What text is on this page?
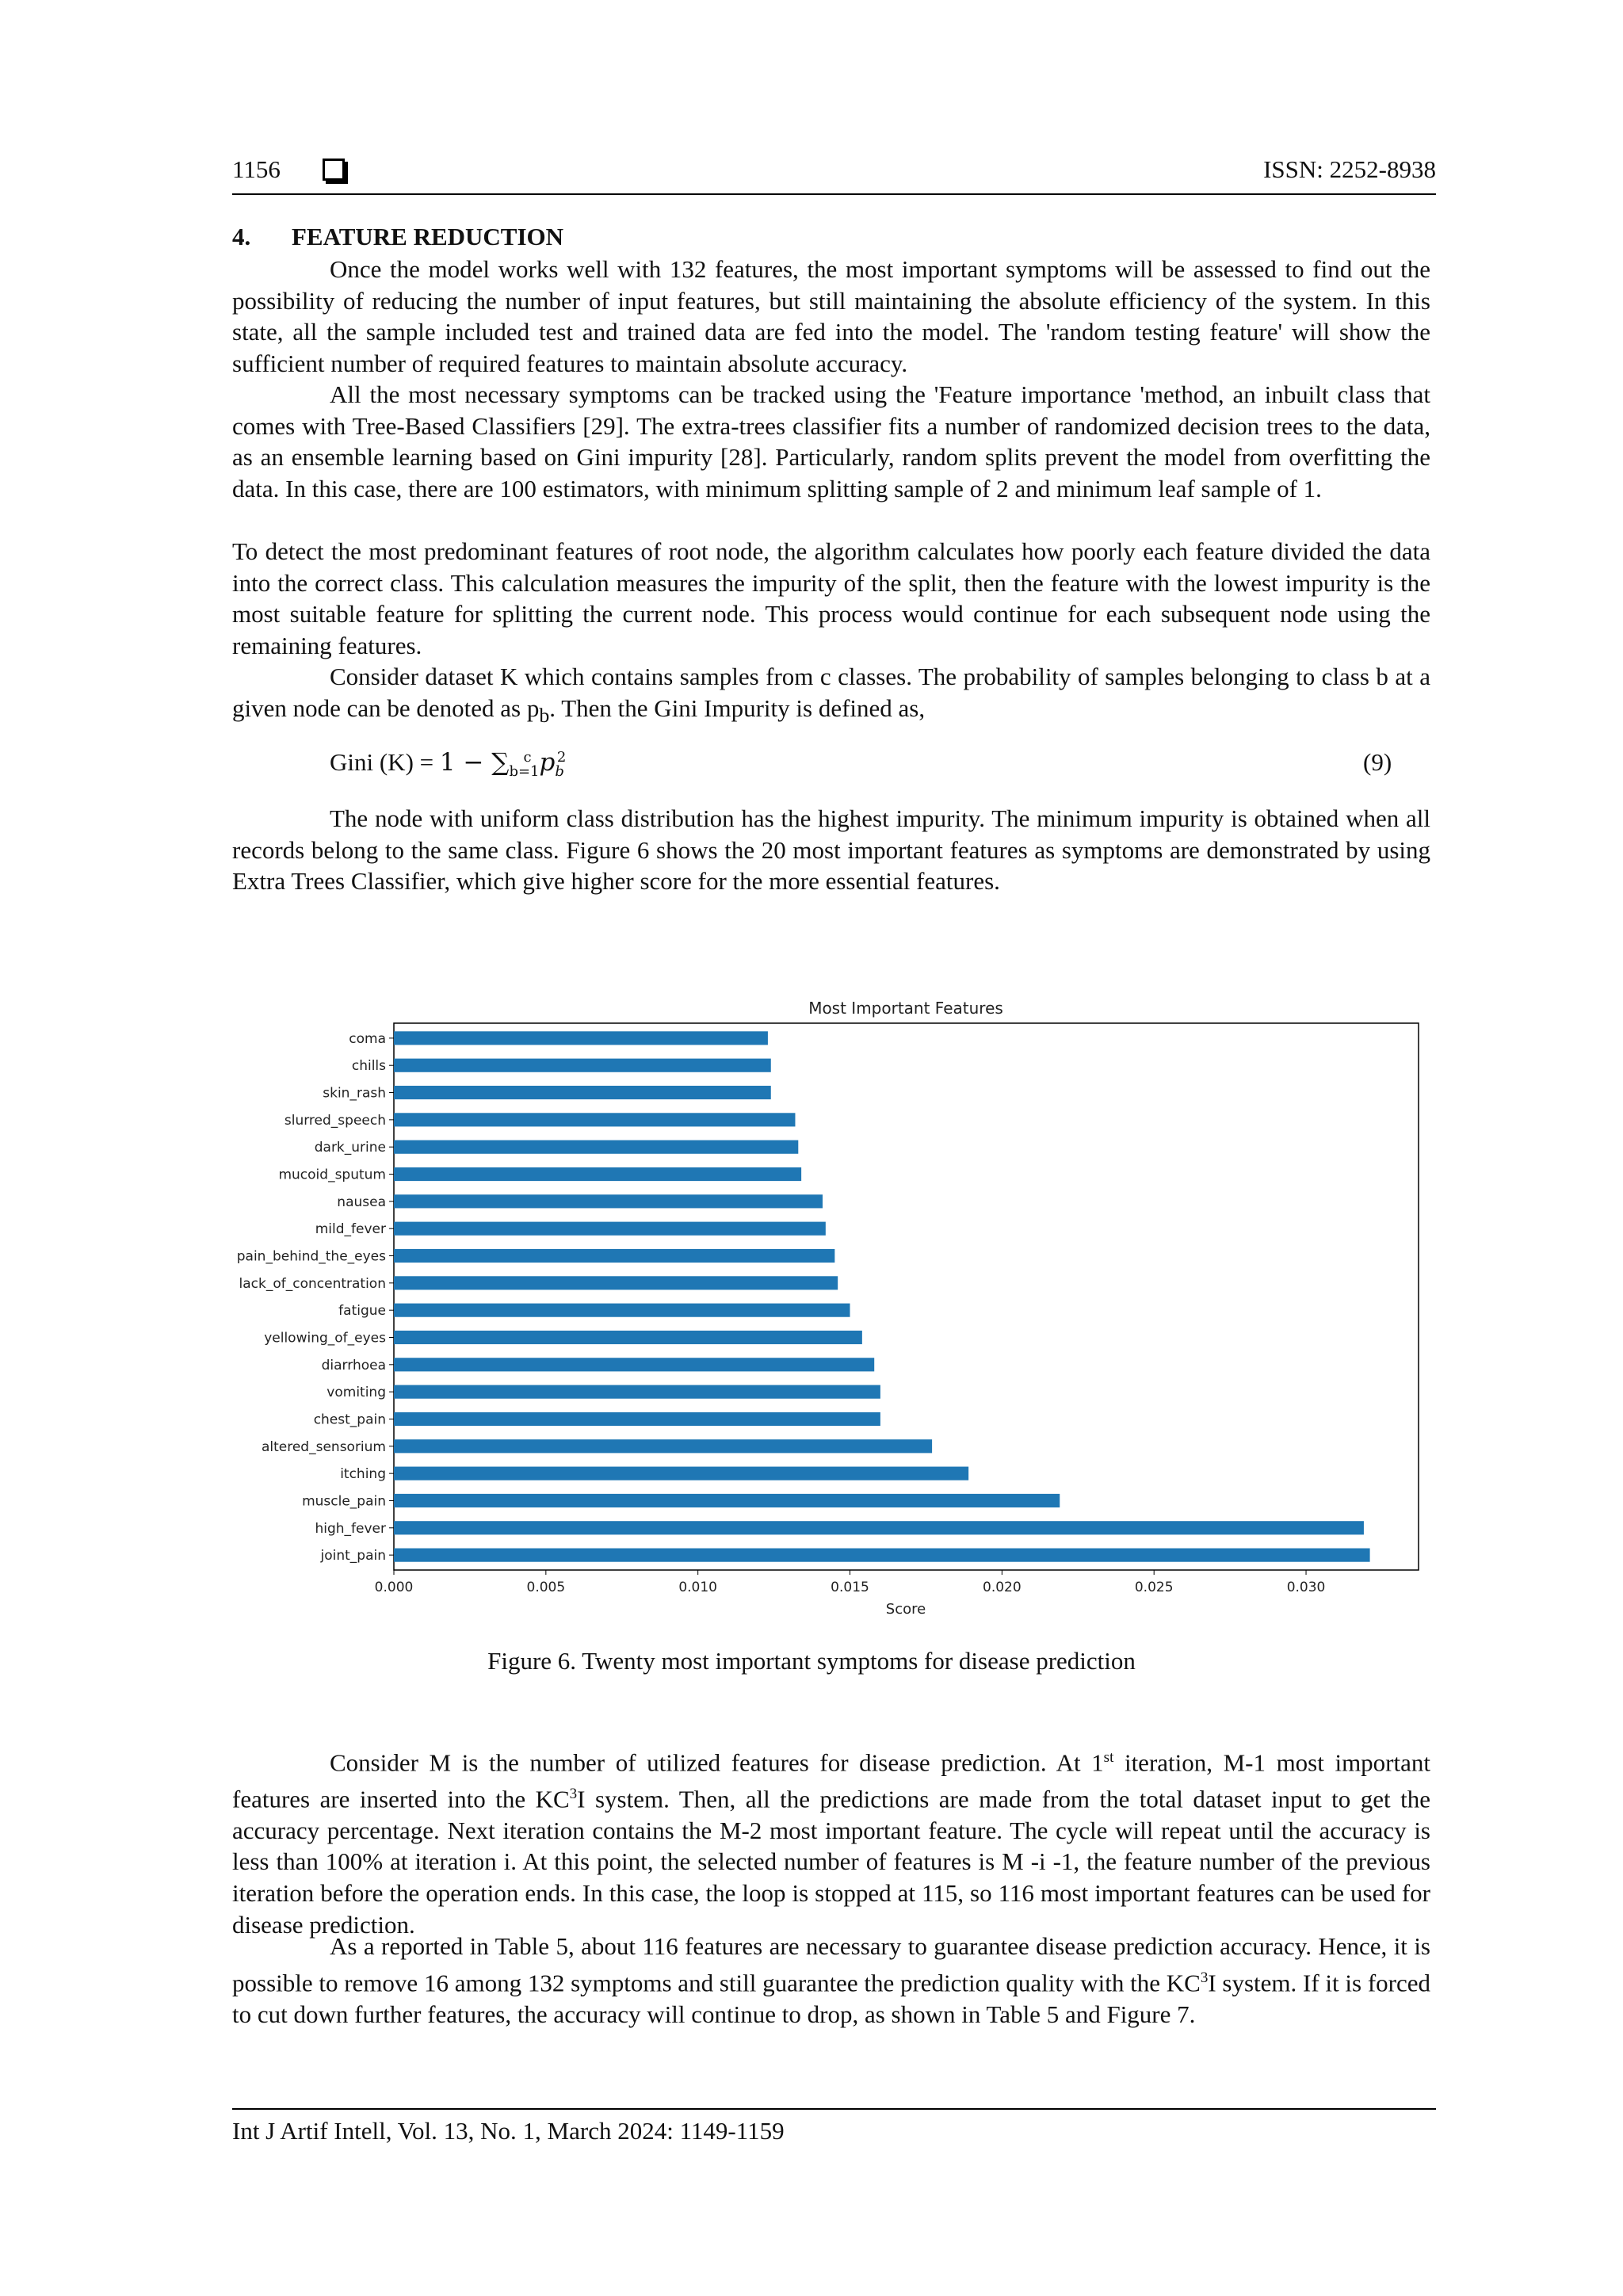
1156	ISSN: 2252-8938
4. FEATURE REDUCTION

Once the model works well with 132 features, the most important symptoms will be assessed to find out the possibility of reducing the number of input features, but still maintaining the absolute efficiency of the system. In this state, all the sample included test and trained data are fed into the model. The 'random testing feature' will show the sufficient number of required features to maintain absolute accuracy.

All the most necessary symptoms can be tracked using the 'Feature importance 'method, an inbuilt class that comes with Tree-Based Classifiers [29]. The extra-trees classifier fits a number of randomized decision trees to the data, as an ensemble learning based on Gini impurity [28]. Particularly, random splits prevent the model from overfitting the data. In this case, there are 100 estimators, with minimum splitting sample of 2 and minimum leaf sample of 1.

To detect the most predominant features of root node, the algorithm calculates how poorly each feature divided the data into the correct class. This calculation measures the impurity of the split, then the feature with the lowest impurity is the most suitable feature for splitting the current node. This process would continue for each subsequent node using the remaining features.

Consider dataset K which contains samples from c classes. The probability of samples belonging to class b at a given node can be denoted as $p_b$. Then the Gini Impurity is defined as,

Gini $(K) = 1 - \sum_{b=1}^c$ $p_b^2$	(9)

The node with uniform class distribution has the highest impurity. The minimum impurity is obtained when all records belong to the same class. Figure 6 shows the 20 most important features as symptoms are demonstrated by using Extra Trees Classifier, which give higher score for the more essential features.

Most Important Features
coma
chills
skin_rash
slurred_speech
dark_urine
mucoid_sputum
nausea
mild_fever
pain_behind_the_eyes
lack_of_concentration
fatigue
yellowing_of_eyes
diarrhoea
vomiting
chest_pain
altered_sensorium
itching
muscle_pain
high_fever
joint_pain
0.000	0.005	0.010	0.015	0.020	0.025	0.030
Score
Figure 6. Twenty most important symptoms for disease prediction

Consider M is the number of utilized features for disease prediction. At 1st iteration, M-1 most important features are inserted into the $KC^3I$ system. Then, all the predictions are made from the total dataset input to get the accuracy percentage. Next iteration contains the M-2 most important feature. The cycle will repeat until the accuracy is less than 100% at iteration i. At this point, the selected number of features is M -i -1, the feature number of the previous iteration before the operation ends. In this case, the loop is stopped at 115, so 116 most important features can be used for disease prediction.

As a reported in Table 5, about 116 features are necessary to guarantee disease prediction accuracy. Hence, it is possible to remove 16 among 132 symptoms and still guarantee the prediction quality with the $KC^3I$ system. If it is forced to cut down further features, the accuracy will continue to drop, as shown in Table 5 and Figure 7.

Int J Artif Intell, Vol. 13, No. 1, March 2024: 1149-1159
